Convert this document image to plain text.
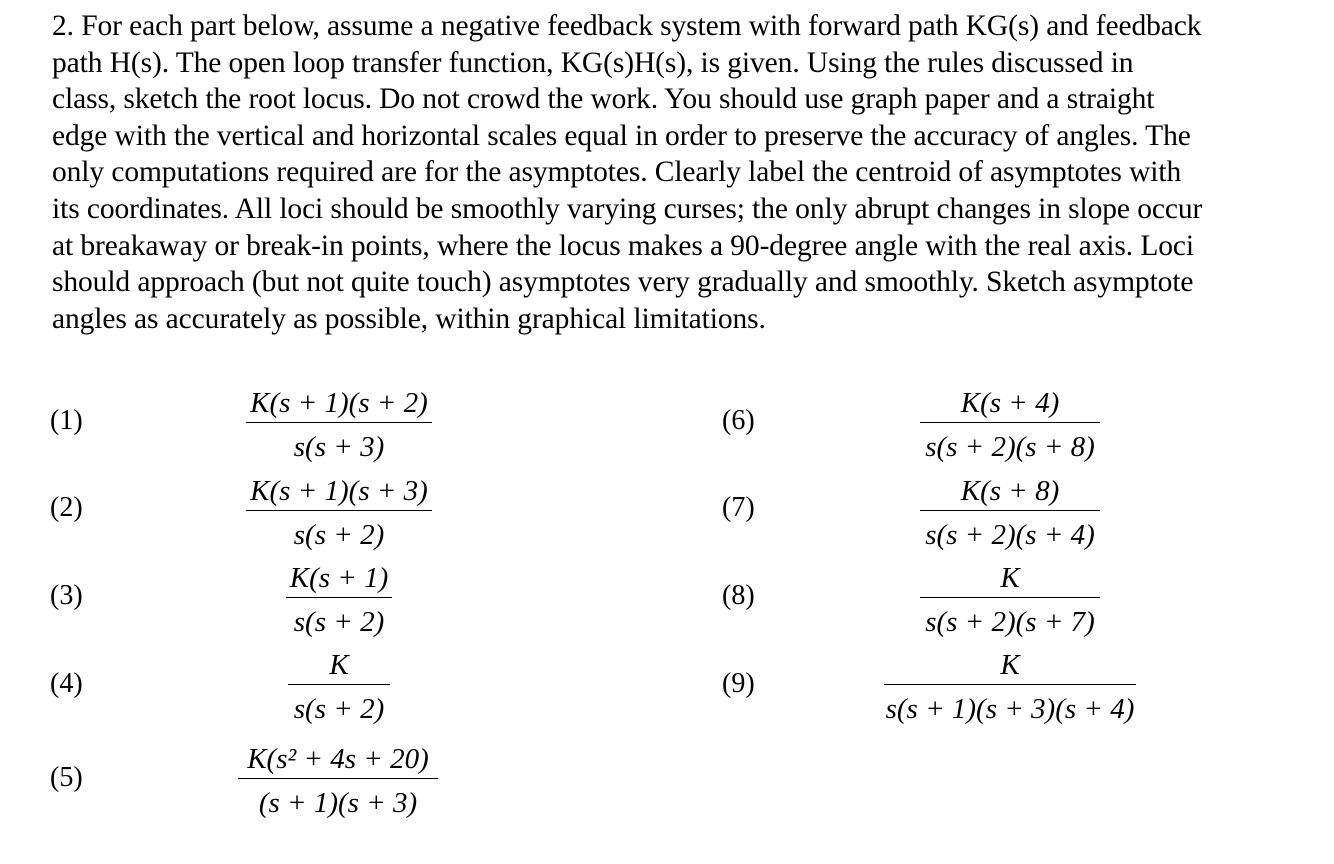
2. For each part below, assume a negative feedback system with forward path KG(s) and feedback
path H(s). The open loop transfer function, KG(s)H(s), is given. Using the rules discussed in
class, sketch the root locus. Do not crowd the work. You should use graph paper and a straight
edge with the vertical and horizontal scales equal in order to preserve the accuracy of angles. The
only computations required are for the asymptotes. Clearly label the centroid of asymptotes with
its coordinates. All loci should be smoothly varying curses; the only abrupt changes in slope occur
at breakaway or break-in points, where the locus makes a 90-degree angle with the real axis. Loci
should approach (but not quite touch) asymptotes very gradually and smoothly. Sketch asymptote
angles as accurately as possible, within graphical limitations.
(1)
K(s + 1)(s + 2)
s(s + 3)
(2)
K(s + 1)(s + 3)
s(s + 2)
(3)
K(s + 1)
s(s + 2)
(4)
K
s(s + 2)
(5)
K(s² + 4s + 20)
(s + 1)(s + 3)
(6)
K(s + 4)
s(s + 2)(s + 8)
(7)
K(s + 8)
s(s + 2)(s + 4)
(8)
K
s(s + 2)(s + 7)
(9)
K
s(s + 1)(s + 3)(s + 4)
